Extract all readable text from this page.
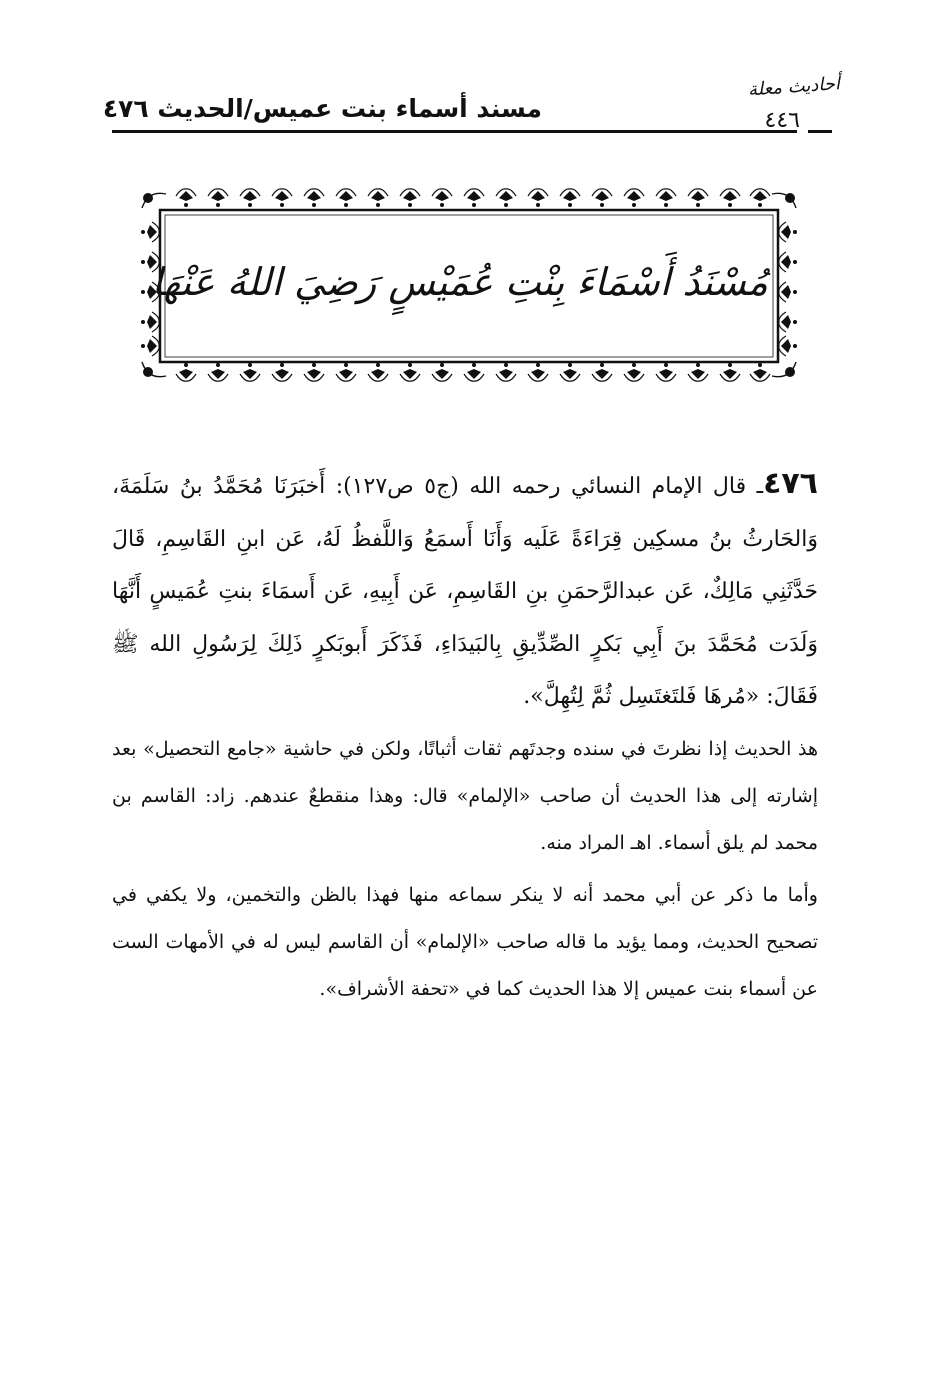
مسند أسماء بنت عميس/الحديث ٤٧٦
أحاديث معلة
٤٤٦
مُسْنَدُ أَسْمَاءَ بِنْتِ عُمَيْسٍ رَضِيَ اللهُ عَنْهَا
٤٧٦ـ قال الإمام النسائي رحمه الله (ج٥ ص١٢٧): أَخبَرَنَا مُحَمَّدُ بنُ سَلَمَةَ، وَالحَارثُ بنُ مسكِين قِرَاءَةً عَلَيه وَأَنَا أَسمَعُ وَاللَّفظُ لَهُ، عَن ابنِ القَاسِمِ، قَالَ حَدَّثَنِي مَالِكٌ، عَن عبدالرَّحمَنِ بنِ القَاسِمِ، عَن أَبِيهِ، عَن أَسمَاءَ بنتِ عُمَيسٍ أَنَّهَا وَلَدَت مُحَمَّدَ بنَ أَبِي بَكرٍ الصِّدِّيقِ بِالبَيدَاءِ، فَذَكَرَ أَبوبَكرٍ ذَلِكَ لِرَسُولِ الله ﷺ فَقَالَ: «مُرهَا فَلتَغتَسِل ثُمَّ لِتُهِلَّ».
هذ الحديث إذا نظرتَ في سنده وجدتَهم ثقات أثباتًا، ولكن في حاشية «جامع التحصيل» بعد إشارته إلى هذا الحديث أن صاحب «الإلمام» قال: وهذا منقطعٌ عندهم. زاد: القاسم بن محمد لم يلق أسماء. اهـ المراد منه.
وأما ما ذكر عن أبي محمد أنه لا ينكر سماعه منها فهذا بالظن والتخمين، ولا يكفي في تصحيح الحديث، ومما يؤيد ما قاله صاحب «الإلمام» أن القاسم ليس له في الأمهات الست عن أسماء بنت عميس إلا هذا الحديث كما في «تحفة الأشراف».
